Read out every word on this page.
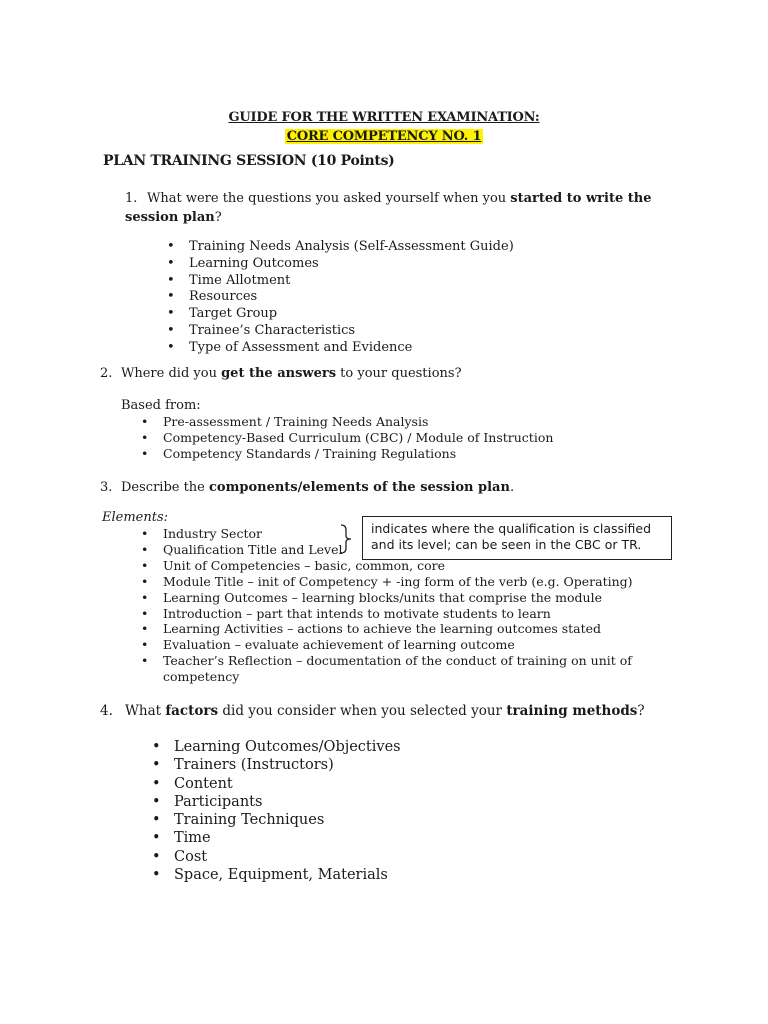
GUIDE FOR THE WRITTEN EXAMINATION:
CORE COMPETENCY NO. 1
PLAN TRAINING SESSION (10 Points)
1. What were the questions you asked yourself when you started to write the session plan?
• Training Needs Analysis (Self-Assessment Guide)
• Learning Outcomes
• Time Allotment
• Resources
• Target Group
• Trainee’s Characteristics
• Type of Assessment and Evidence
2. Where did you get the answers to your questions?
Based from:
• Pre-assessment / Training Needs Analysis
• Competency-Based Curriculum (CBC) / Module of Instruction
• Competency Standards / Training Regulations
3. Describe the components/elements of the session plan.
Elements:
• Industry Sector
• Qualification Title and Level
• Unit of Competencies – basic, common, core
• Module Title – init of Competency + -ing form of the verb (e.g. Operating)
• Learning Outcomes – learning blocks/units that comprise the module
• Introduction – part that intends to motivate students to learn
• Learning Activities – actions to achieve the learning outcomes stated
• Evaluation – evaluate achievement of learning outcome
• Teacher’s Reflection – documentation of the conduct of training on unit of competency
indicates where the qualification is classified
and its level; can be seen in the CBC or TR.
4. What factors did you consider when you selected your training methods?
• Learning Outcomes/Objectives
• Trainers (Instructors)
• Content
• Participants
• Training Techniques
• Time
• Cost
• Space, Equipment, Materials
